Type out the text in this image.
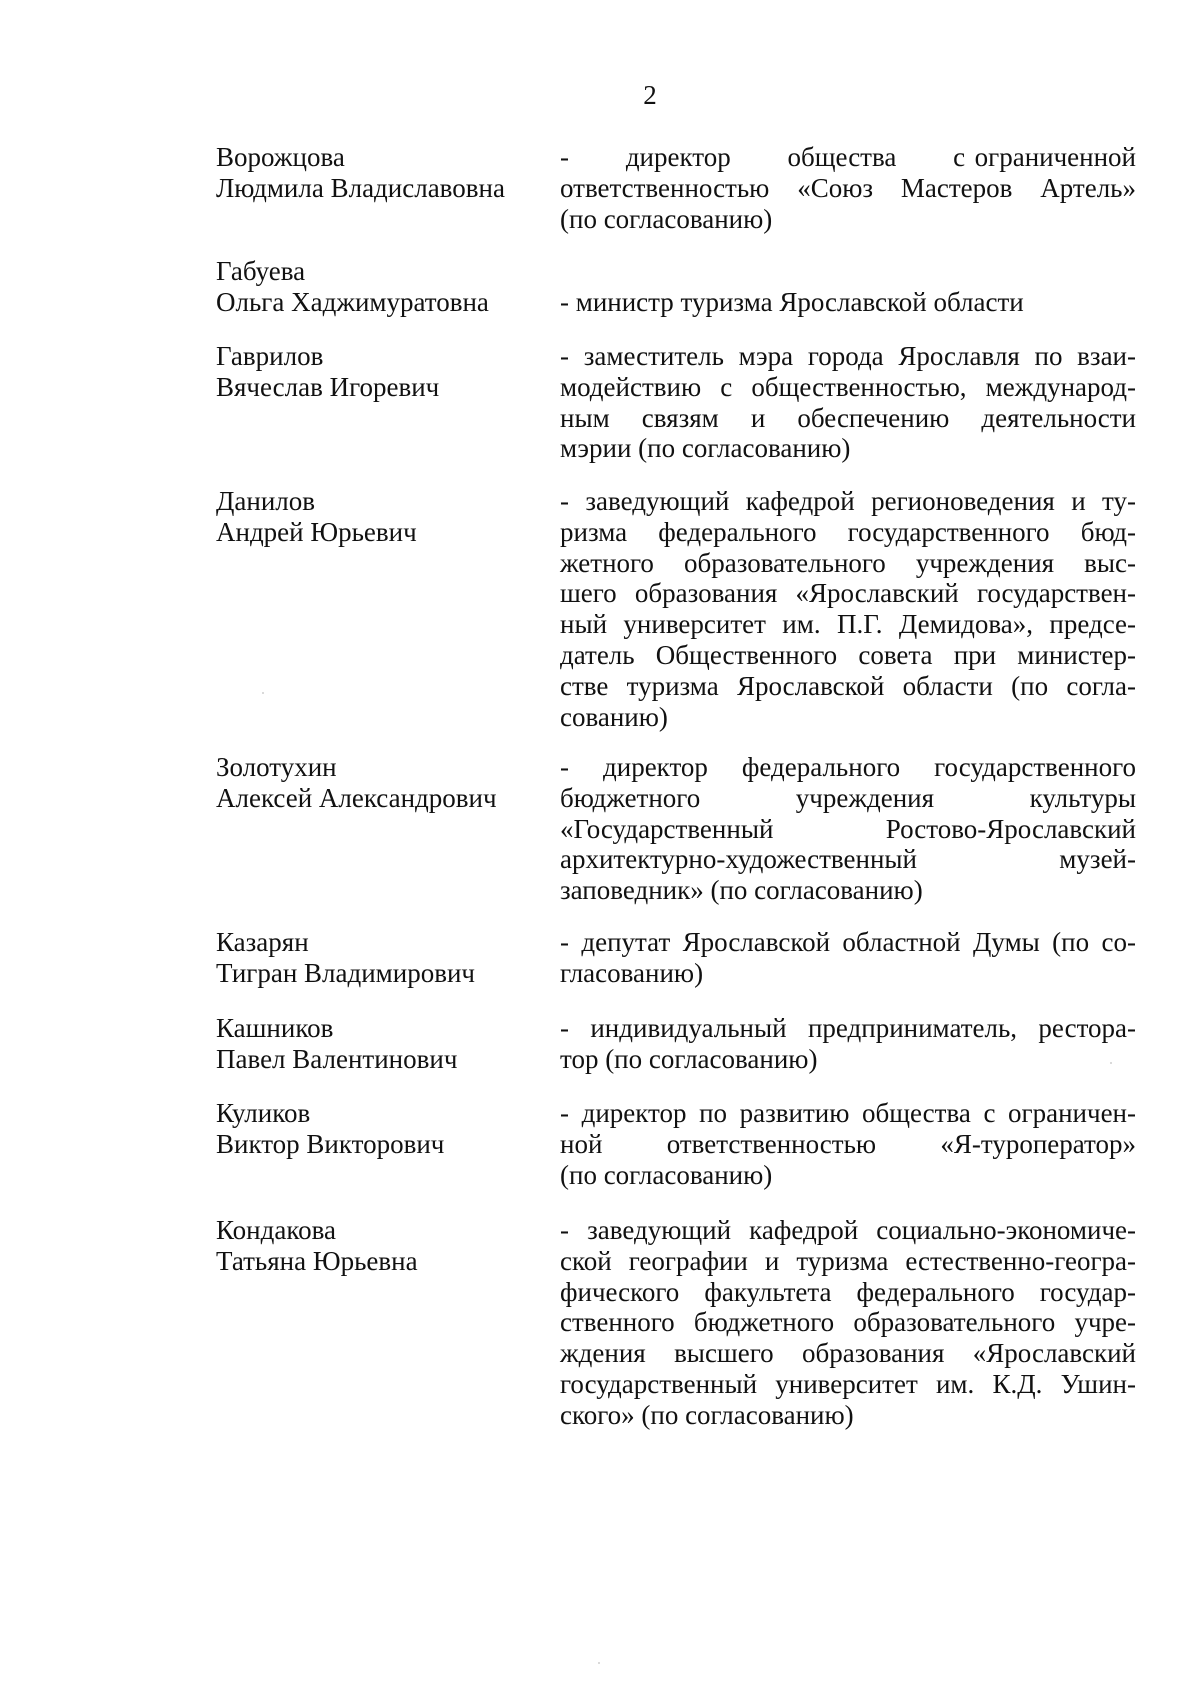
2
Ворожцова
Людмила Владиславовна
-      директор      общества      с ограниченной
ответственностью «Союз Мастеров Артель»
(по согласованию)
Габуева
Ольга Хаджимуратовна	- министр туризма Ярославской области
Гаврилов
Вячеслав Игоревич
- заместитель мэра города Ярославля по взаи-
модействию с общественностью, международ-
ным связям и обеспечению деятельности
мэрии (по согласованию)
Данилов
Андрей Юрьевич
- заведующий кафедрой регионоведения и ту-
ризма федерального государственного бюд-
жетного образовательного учреждения выс-
шего образования «Ярославский государствен-
ный университет им. П.Г. Демидова», предсе-
датель Общественного совета при министер-
стве туризма Ярославской области (по согла-
сованию)
Золотухин
Алексей Александрович
- директор федерального государственного
бюджетного учреждения культуры
«Государственный Ростово-Ярославский
архитектурно-художественный музей-
заповедник» (по согласованию)
Казарян
Тигран Владимирович
- депутат Ярославской областной Думы (по со-
гласованию)
Кашников
Павел Валентинович
- индивидуальный предприниматель, рестора-
тор (по согласованию)
Куликов
Виктор Викторович
- директор по развитию общества с ограничен-
ной ответственностью «Я-туроператор»
(по согласованию)
Кондакова
Татьяна Юрьевна
- заведующий кафедрой социально-экономиче-
ской географии и туризма естественно-геогра-
фического факультета федерального государ-
ственного бюджетного образовательного учре-
ждения высшего образования «Ярославский
государственный университет им. К.Д. Ушин-
ского» (по согласованию)
